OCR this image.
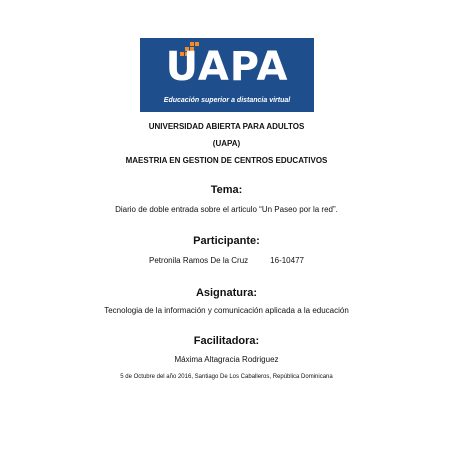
UAPA
Educación superior a distancia virtual
UNIVERSIDAD ABIERTA PARA ADULTOS
(UAPA)
MAESTRIA EN GESTION DE CENTROS EDUCATIVOS
Tema:
Diario de doble entrada sobre el articulo “Un Paseo por la red”.
Participante:
Petronila Ramos De la Cruz	16-10477
Asignatura:
Tecnologia de la información y comunicación aplicada a la educación
Facilitadora:
Máxima Altagracia Rodriguez
5 de Octubre del año 2016, Santiago De Los Caballeros, República Dominicana
